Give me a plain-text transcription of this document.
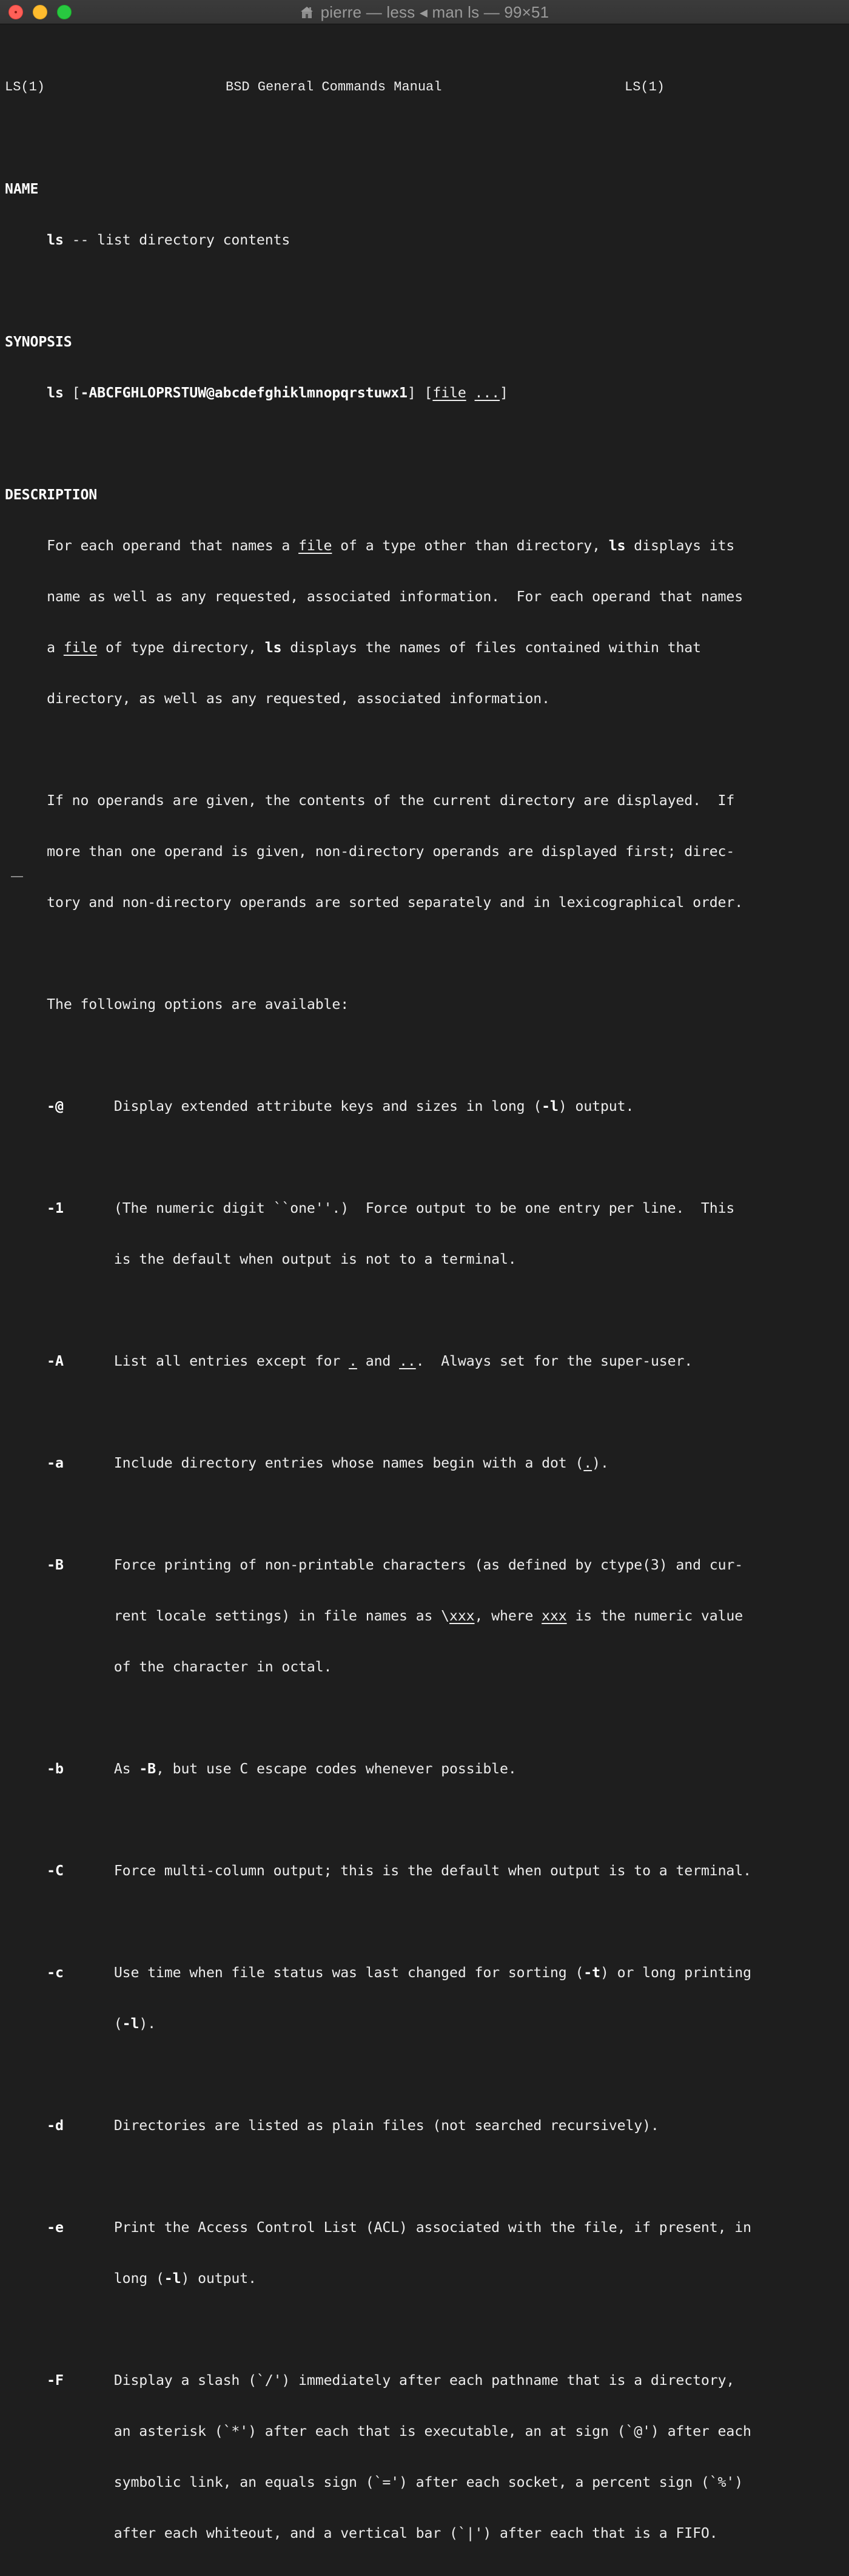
pierre — less ◂ man ls — 99×51

LS(1)	BSD General Commands Manual	LS(1)

NAME

ls -- list directory contents

SYNOPSIS

ls [-ABCFGHLOPRSTUW@abcdefghiklmnopqrstuwx1] [file ...]

DESCRIPTION

For each operand that names a file of a type other than directory, ls displays its

name as well as any requested, associated information.  For each operand that names

a file of type directory, ls displays the names of files contained within that

directory, as well as any requested, associated information.

If no operands are given, the contents of the current directory are displayed.  If

more than one operand is given, non-directory operands are displayed first; direc-

tory and non-directory operands are sorted separately and in lexicographical order.

The following options are available:

-@	Display extended attribute keys and sizes in long (-l) output.

-1	(The numeric digit ``one''.)  Force output to be one entry per line.  This

is the default when output is not to a terminal.

-A	List all entries except for . and ...  Always set for the super-user.

-a	Include directory entries whose names begin with a dot (.).

-B	Force printing of non-printable characters (as defined by ctype(3) and cur-

rent locale settings) in file names as \xxx, where xxx is the numeric value

of the character in octal.

-b	As -B, but use C escape codes whenever possible.

-C	Force multi-column output; this is the default when output is to a terminal.

-c	Use time when file status was last changed for sorting (-t) or long printing

(-l).

-d	Directories are listed as plain files (not searched recursively).

-e	Print the Access Control List (ACL) associated with the file, if present, in

long (-l) output.

-F	Display a slash (`/') immediately after each pathname that is a directory,

an asterisk (`*') after each that is executable, an at sign (`@') after each

symbolic link, an equals sign (`=') after each socket, a percent sign (`%')

after each whiteout, and a vertical bar (`|') after each that is a FIFO.
